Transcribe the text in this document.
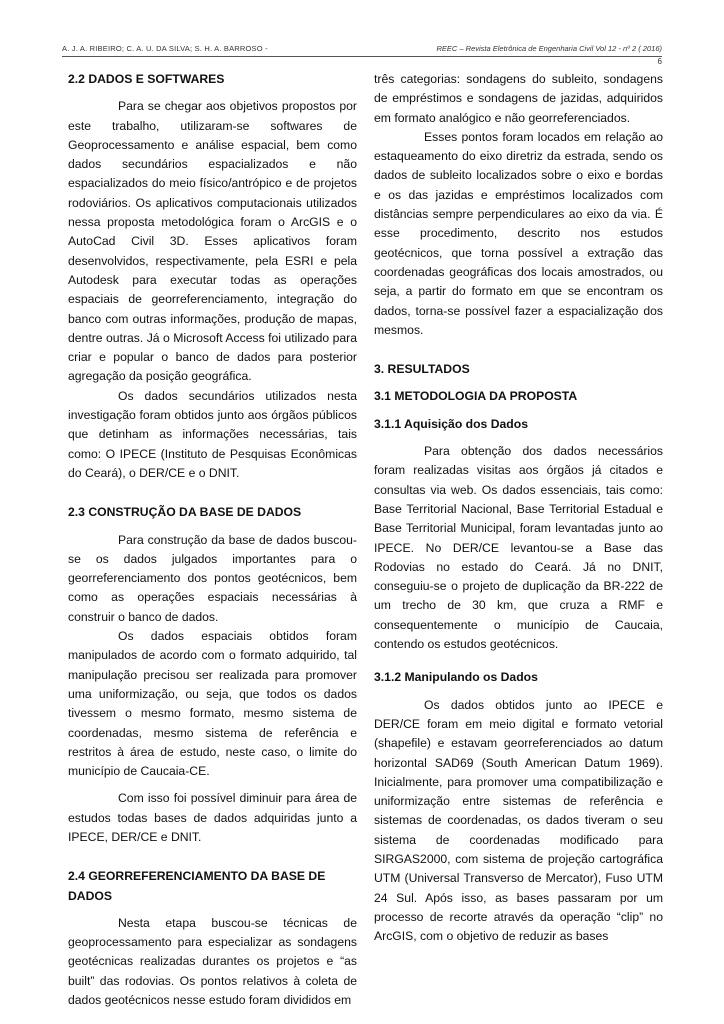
A. J. A. RIBEIRO; C. A. U. DA SILVA; S. H. A. BARROSO -	REEC – Revista Eletrônica de Engenharia Civil Vol 12 - nº 2 ( 2016)
6
2.2 DADOS E SOFTWARES

Para se chegar aos objetivos propostos por este trabalho, utilizaram-se softwares de Geoprocessamento e análise espacial, bem como dados secundários espacializados e não espacializados do meio físico/antrópico e de projetos rodoviários. Os aplicativos computacionais utilizados nessa proposta metodológica foram o ArcGIS e o AutoCad Civil 3D. Esses aplicativos foram desenvolvidos, respectivamente, pela ESRI e pela Autodesk para executar todas as operações espaciais de georreferenciamento, integração do banco com outras informações, produção de mapas, dentre outras. Já o Microsoft Access foi utilizado para criar e popular o banco de dados para posterior agregação da posição geográfica.

Os dados secundários utilizados nesta investigação foram obtidos junto aos órgãos públicos que detinham as informações necessárias, tais como: O IPECE (Instituto de Pesquisas Econômicas do Ceará), o DER/CE e o DNIT.

2.3 CONSTRUÇÃO DA BASE DE DADOS

Para construção da base de dados buscou-se os dados julgados importantes para o georreferenciamento dos pontos geotécnicos, bem como as operações espaciais necessárias à construir o banco de dados.

Os dados espaciais obtidos foram manipulados de acordo com o formato adquirido, tal manipulação precisou ser realizada para promover uma uniformização, ou seja, que todos os dados tivessem o mesmo formato, mesmo sistema de coordenadas, mesmo sistema de referência e restritos à área de estudo, neste caso, o limite do município de Caucaia-CE.

Com isso foi possível diminuir para área de estudos todas bases de dados adquiridas junto a IPECE, DER/CE e DNIT.

2.4 GEORREFERENCIAMENTO DA BASE DE DADOS

Nesta etapa buscou-se técnicas de geoprocessamento para especializar as sondagens geotécnicas realizadas durantes os projetos e “as built” das rodovias. Os pontos relativos à coleta de dados geotécnicos nesse estudo foram divididos em

três categorias: sondagens do subleito, sondagens de empréstimos e sondagens de jazidas, adquiridos em formato analógico e não georreferenciados.

Esses pontos foram locados em relação ao estaqueamento do eixo diretriz da estrada, sendo os dados de subleito localizados sobre o eixo e bordas e os das jazidas e empréstimos localizados com distâncias sempre perpendiculares ao eixo da via. É esse procedimento, descrito nos estudos geotécnicos, que torna possível a extração das coordenadas geográficas dos locais amostrados, ou seja, a partir do formato em que se encontram os dados, torna-se possível fazer a espacialização dos mesmos.

3. RESULTADOS
3.1 METODOLOGIA DA PROPOSTA
3.1.1 Aquisição dos Dados

Para obtenção dos dados necessários foram realizadas visitas aos órgãos já citados e consultas via web. Os dados essenciais, tais como: Base Territorial Nacional, Base Territorial Estadual e Base Territorial Municipal, foram levantadas junto ao IPECE. No DER/CE levantou-se a Base das Rodovias no estado do Ceará. Já no DNIT, conseguiu-se o projeto de duplicação da BR-222 de um trecho de 30 km, que cruza a RMF e consequentemente o município de Caucaia, contendo os estudos geotécnicos.

3.1.2 Manipulando os Dados

Os dados obtidos junto ao IPECE e DER/CE foram em meio digital e formato vetorial (shapefile) e estavam georreferenciados ao datum horizontal SAD69 (South American Datum 1969). Inicialmente, para promover uma compatibilização e uniformização entre sistemas de referência e sistemas de coordenadas, os dados tiveram o seu sistema de coordenadas modificado para SIRGAS2000, com sistema de projeção cartográfica UTM (Universal Transverso de Mercator), Fuso UTM 24 Sul. Após isso, as bases passaram por um processo de recorte através da operação “clip” no ArcGIS, com o objetivo de reduzir as bases
